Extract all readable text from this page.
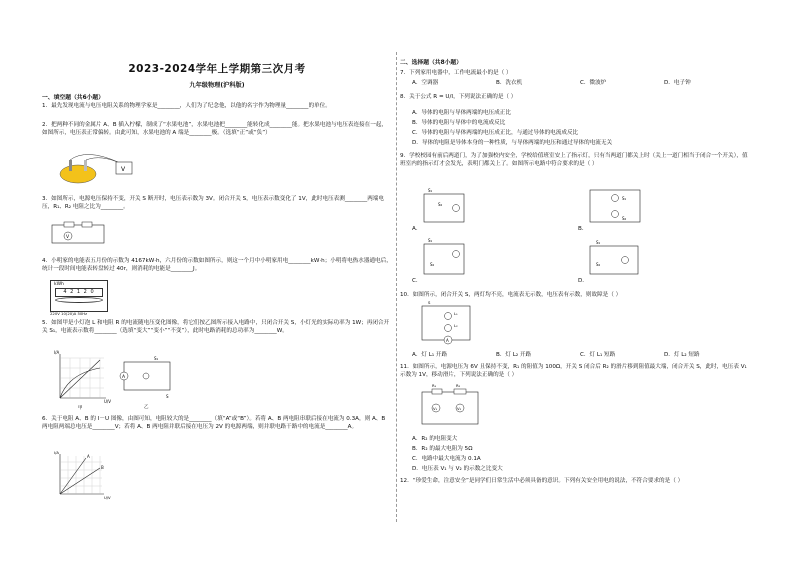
2023-2024学年上学期第三次月考
九年级物理(沪科版)
一、填空题（共6小题）
1．最先发现电流与电压电阻关系的物理学家是________，人们为了纪念他，以他的名字作为物理量________的单位。
2．把两种不同的金属片 A、B 插入柠檬，制成了“水果电池”，水果电池把________能转化成________能。把水果电池与电压表连接在一起，如图所示，电压表正常偏转。由此可知，水果电池的 A 端是________极。（选填“正”或“负”）
V
3．如图所示，电源电压保持不变，开关 S 断开时，电压表示数为 3V。闭合开关 S，电压表示数变化了 1V，此时电压表测________两端电压，R₁、R₂ 电阻之比为________。
V
4．小明家的电能表五月份的示数为 4167kW·h，六月份的示数如图所示，则这一个月中小明家用电________kW·h；小明将电热水器通电后，统计一段时间电能表转盘转过 40r，则消耗的电能是________J。
kWh
4 2 1 2 0
220V 10(20)A 50Hz
5．如图甲是小灯泡 L 和电阻 R 的电流随电压变化图像，将它们按乙图所示接入电路中，只闭合开关 S，小灯光的实际功率为 1W；再闭合开关 S₁，电流表示数将________（选填“变大”“变小”“不变”），此时电路消耗的总功率为________W。
U/V
I/A
甲
A
S₁
S
乙
6．关于电阻 A、B 的 I－U 图像，由图可知，电阻较大的是________（填“A”或“B”）。若将 A、B 两电阻串联后接在电流为 0.3A，则 A、B 两电阻两端总电压是________V；若将 A、B 两电阻并联后接在电压为 2V 的电源两端，则并联电路干路中的电流是________A。
A
B
U/V
I/A
二、选择题（共8小题）
7．下列家用电器中，工作电流最小的是（ ）
A．空调器	B．洗衣机	C．微波炉	D．电子钟
8．关于公式 R = U/I，下列说法正确的是（ ）
A．导体的电阻与导体两端的电压成正比
B．导体的电阻与导体中的电流成反比
C．导体的电阻与导体两端的电压成正比，与通过导体的电流成反比
D．导体的电阻是导体本身的一种性质，与导体两端的电压和通过导体的电流无关
9．学校校园有前后两道门，为了加强校内安全，学校给值班室安上了指示灯，只有当两道门都关上时（关上一道门相当于闭合一个开关），值班室内的指示灯才会发光，表明门都关上了。如图所示电路中符合要求的是（ ）
S₁
S₂
S₁
S₂
S₁
S₂
S₁
S₂
A．	B．
C．	D．
10．如图所示，闭合开关 S，两灯均不亮，电流表无示数，电压表有示数，则故障是（ ）
A
L₁
L₂
S
A．灯 L₁ 开路	B．灯 L₂ 开路	C．灯 L₁ 短路	D．灯 L₂ 短路
11．如图所示，电源电压为 6V 且保持不变，R₁ 的阻值为 100Ω，开关 S 闭合后 R₂ 的滑片移到阻值最大端，闭合开关 S，此时，电压表 V₁ 示数为 1V，移动滑片，下列说法正确的是（ ）
V₁	V₂
R₁	R₂
A．R₂ 的电阻变大
B．R₂ 的最大电阻为 5Ω
C．电路中最大电流为 0.1A
D．电压表 V₁ 与 V₂ 的示数之比变大
12．“珍爱生命，注意安全”是同学们日常生活中必须具备的意识。下列有关安全用电的说法，不符合要求的是（ ）
